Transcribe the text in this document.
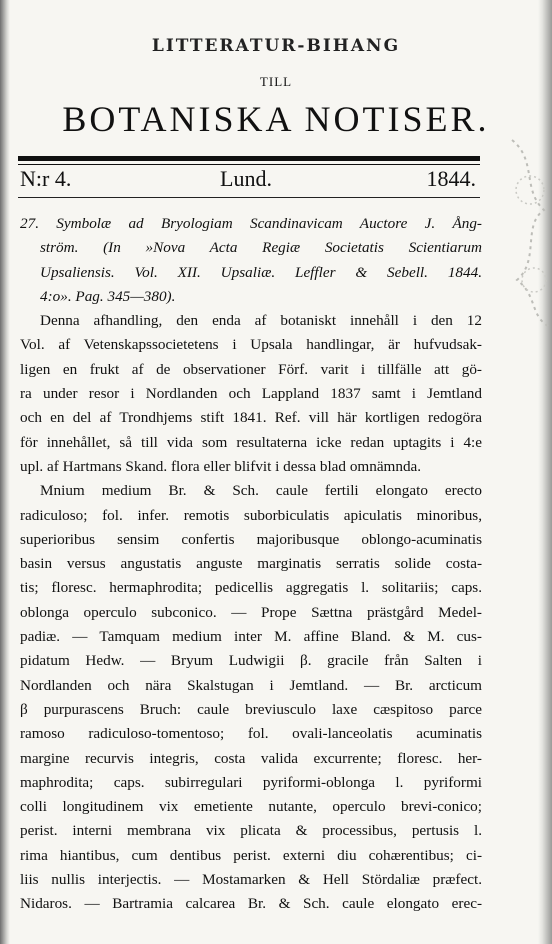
LITTERATUR-BIHANG
TILL
BOTANISKA NOTISER.
N:r 4.	Lund.	1844.
27. Symbolæ ad Bryologiam Scandinavicam Auctore J. Ång-
ström. (In »Nova Acta Regiæ Societatis Scientiarum
Upsaliensis. Vol. XII. Upsaliæ. Leffler & Sebell. 1844.
4:o». Pag. 345—380).
Denna afhandling, den enda af botaniskt innehåll i den 12
Vol. af Vetenskapssocietetens i Upsala handlingar, är hufvudsak-
ligen en frukt af de observationer Förf. varit i tillfälle att gö-
ra under resor i Nordlanden och Lappland 1837 samt i Jemtland
och en del af Trondhjems stift 1841. Ref. vill här kortligen redogöra
för innehållet, så till vida som resultaterna icke redan uptagits i 4:e
upl. af Hartmans Skand. flora eller blifvit i dessa blad omnämnda.
Mnium medium Br. & Sch. caule fertili elongato erecto
radiculoso; fol. infer. remotis suborbiculatis apiculatis minoribus,
superioribus sensim confertis majoribusque oblongo-acuminatis
basin versus angustatis anguste marginatis serratis solide costa-
tis; floresc. hermaphrodita; pedicellis aggregatis l. solitariis; caps.
oblonga operculo subconico. — Prope Sættna prästgård Medel-
padiæ. — Tamquam medium inter M. affine Bland. & M. cus-
pidatum Hedw. — Bryum Ludwigii β. gracile från Salten i
Nordlanden och nära Skalstugan i Jemtland. — Br. arcticum
β purpurascens Bruch: caule breviusculo laxe cæspitoso parce
ramoso radiculoso-tomentoso; fol. ovali-lanceolatis acuminatis
margine recurvis integris, costa valida excurrente; floresc. her-
maphrodita; caps. subirregulari pyriformi-oblonga l. pyriformi
colli longitudinem vix emetiente nutante, operculo brevi-conico;
perist. interni membrana vix plicata & processibus, pertusis l.
rima hiantibus, cum dentibus perist. externi diu cohærentibus; ci-
liis nullis interjectis. — Mostamarken & Hell Stördaliæ præfect.
Nidaros. — Bartramia calcarea Br. & Sch. caule elongato erec-
